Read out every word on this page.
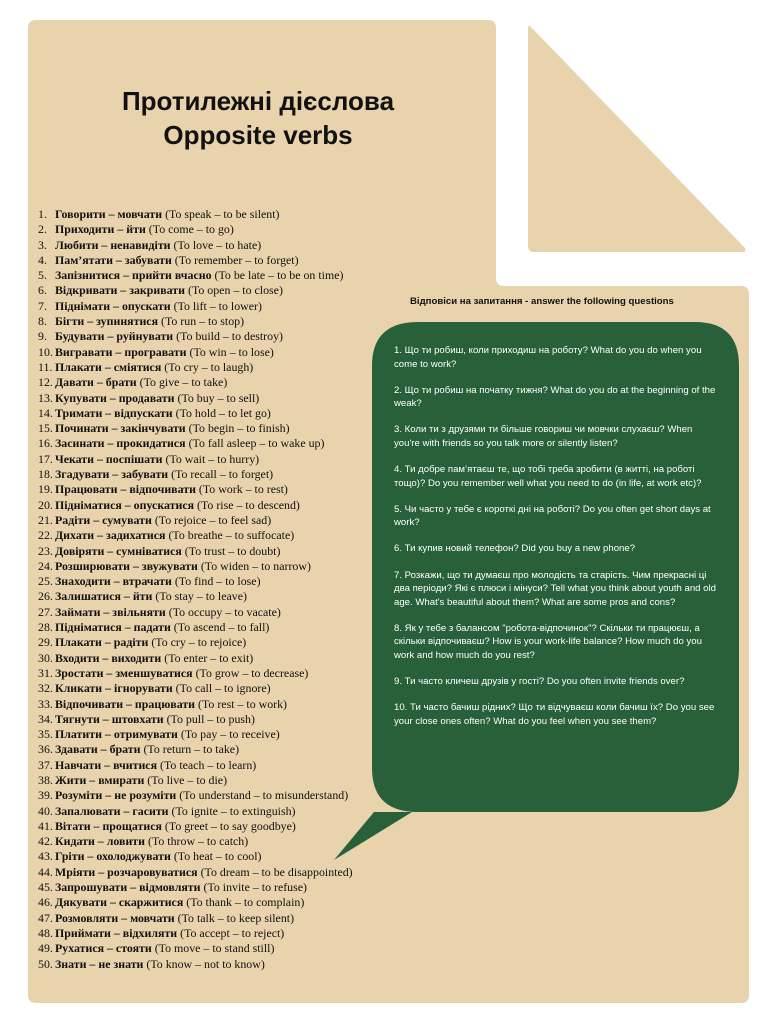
Протилежні дієслова
Opposite verbs
1. Говорити – мовчати (To speak – to be silent)
2. Приходити – йти (To come – to go)
3. Любити – ненавидіти (To love – to hate)
4. Пам’ятати – забувати (To remember – to forget)
5. Запізнитися – прийти вчасно (To be late – to be on time)
6. Відкривати – закривати (To open – to close)
7. Піднімати – опускати (To lift – to lower)
8. Бігти – зупинятися (To run – to stop)
9. Будувати – руйнувати (To build – to destroy)
10. Вигравати – програвати (To win – to lose)
11. Плакати – сміятися (To cry – to laugh)
12. Давати – брати (To give – to take)
13. Купувати – продавати (To buy – to sell)
14. Тримати – відпускати (To hold – to let go)
15. Починати – закінчувати (To begin – to finish)
16. Засинати – прокидатися (To fall asleep – to wake up)
17. Чекати – поспішати (To wait – to hurry)
18. Згадувати – забувати (To recall – to forget)
19. Працювати – відпочивати (To work – to rest)
20. Підніматися – опускатися (To rise – to descend)
21. Радіти – сумувати (To rejoice – to feel sad)
22. Дихати – задихатися (To breathe – to suffocate)
23. Довіряти – сумніватися (To trust – to doubt)
24. Розширювати – звужувати (To widen – to narrow)
25. Знаходити – втрачати (To find – to lose)
26. Залишатися – йти (To stay – to leave)
27. Займати – звільняти (To occupy – to vacate)
28. Підніматися – падати (To ascend – to fall)
29. Плакати – радіти (To cry – to rejoice)
30. Входити – виходити (To enter – to exit)
31. Зростати – зменшуватися (To grow – to decrease)
32. Кликати – ігнорувати (To call – to ignore)
33. Відпочивати – працювати (To rest – to work)
34. Тягнути – штовхати (To pull – to push)
35. Платити – отримувати (To pay – to receive)
36. Здавати – брати (To return – to take)
37. Навчати – вчитися (To teach – to learn)
38. Жити – вмирати (To live – to die)
39. Розуміти – не розуміти (To understand – to misunderstand)
40. Запалювати – гасити (To ignite – to extinguish)
41. Вітати – прощатися (To greet – to say goodbye)
42. Кидати – ловити (To throw – to catch)
43. Гріти – охолоджувати (To heat – to cool)
44. Мріяти – розчаровуватися (To dream – to be disappointed)
45. Запрошувати – відмовляти (To invite – to refuse)
46. Дякувати – скаржитися (To thank – to complain)
47. Розмовляти – мовчати (To talk – to keep silent)
48. Приймати – відхиляти (To accept – to reject)
49. Рухатися – стояти (To move – to stand still)
50. Знати – не знати (To know – not to know)
Відповіси на запитання - answer the following questions

1. Що ти робиш, коли приходиш на роботу? What do you do when you come to work?

2. Що ти робиш на початку тижня? What do you do at the beginning of the weak?

3. Коли ти з друзями ти більше говориш чи мовчки слухаєш? When you're with friends so you talk more or silently listen?

4. Ти добре пам’ятаєш те, що тобі треба зробити (в житті, на роботі тощо)? Do you remember well what you need to do (in life, at work etc)?

5. Чи часто у тебе є короткі дні на роботі? Do you often get short days at work?

6. Ти купив новий телефон? Did you buy a new phone?

7. Розкажи, що ти думаєш про молодість та старість. Чим прекрасні ці два періоди? Які є плюси і мінуси? Tell what you think about youth and old age. What's beautiful about them? What are some pros and cons?

8. Як у тебе з балансом "робота-відпочинок"? Скільки ти працюєш, а скільки відпочиваєш? How is your work-life balance? How much do you work and how much do you rest?

9. Ти часто кличеш друзів у гості? Do you often invite friends over?

10. Ти часто бачиш рідних? Що ти відчуваєш коли бачиш їх? Do you see your close ones often? What do you feel when you see them?
